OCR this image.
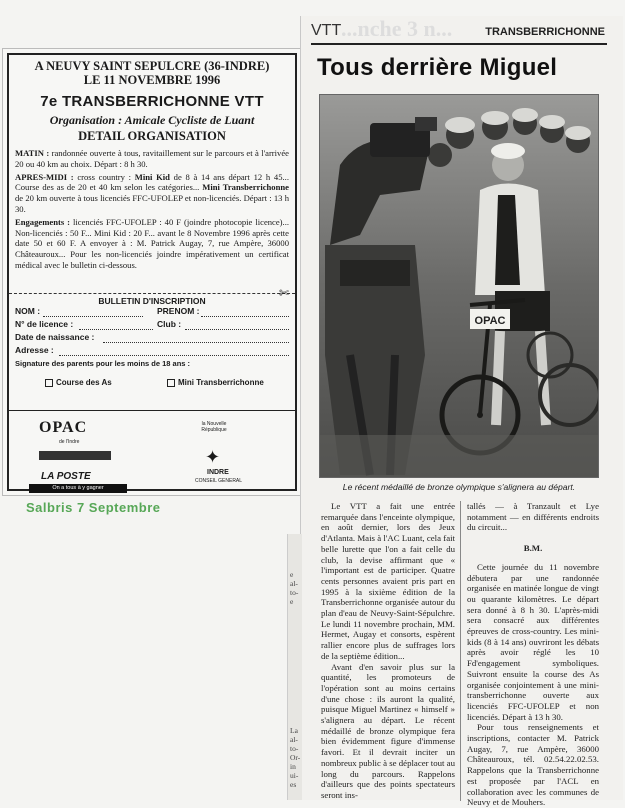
A NEUVY SAINT SEPULCRE (36-INDRE)
LE 11 NOVEMBRE 1996
7e TRANSBERRICHONNE VTT
Organisation : Amicale Cycliste de Luant
DETAIL ORGANISATION

MATIN : randonnée ouverte à tous, ravitaillement sur le parcours et à l'arrivée 20 ou 40 km au choix. Départ : 8 h 30.

APRES-MIDI : cross country : Mini Kid de 8 à 14 ans départ 12 h 45... Course des as de 20 et 40 km selon les catégories... Mini Transberrichonne de 20 km ouverte à tous licenciés FFC-UFOLEP et non-licenciés. Départ : 13 h 30.

Engagements : licenciés FFC-UFOLEP : 40 F (joindre photocopie licence)... Non-licenciés : 50 F... Mini Kid : 20 F... avant le 8 Novembre 1996 après cette date 50 et 60 F. A envoyer à : M. Patrick Augay, 7, rue Ampère, 36000 Châteauroux... Pour les non-licenciés joindre impérativement un certificat médical avec le bulletin ci-dessous.

✄
BULLETIN D'INSCRIPTION
NOM :	PRENOM :
N° de licence :	Club :
Date de naissance :
Adresse :
Signature des parents pour les moins de 18 ans :
Course des As	Mini Transberrichonne
OPAC
de l'Indre
LA POSTE
On a tous à y gagner
la Nouvelle République
✦
INDRE
CONSEIL GENERAL
Salbris 7 Septembre
...nche 3 n...
VTT	TRANSBERRICHONNE
Tous derrière Miguel
OPAC
Le récent médaillé de bronze olympique s'alignera au départ.

Le VTT a fait une entrée remarquée dans l'enceinte olympique, en août dernier, lors des Jeux d'Atlanta. Mais à l'AC Luant, cela fait belle lurette que l'on a fait celle du club, la devise affirmant que « l'important est de participer. Quatre cents personnes avaient pris part en 1995 à la sixième édition de la Transberrichonne organisée autour du plan d'eau de Neuvy-Saint-Sépulchre. Le lundi 11 novembre prochain, MM. Hermet, Augay et consorts, espèrent rallier encore plus de suffrages lors de la septième édition...

Avant d'en savoir plus sur la quantité, les promoteurs de l'opération sont au moins certains d'une chose : ils auront la qualité, puisque Miguel Martinez « himself » s'alignera au départ. Le récent médaillé de bronze olympique fera bien évidemment figure d'immense favori. Et il devrait inciter un nombreux public à se déplacer tout au long du parcours. Rappelons d'ailleurs que des points spectateurs seront ins-

tallés — à Tranzault et Lye notamment — en différents endroits du circuit...

B.M.

Cette journée du 11 novembre débutera par une randonnée organisée en matinée longue de vingt ou quarante kilomètres. Le départ sera donné à 8 h 30. L'après-midi sera consacré aux différentes épreuves de cross-country. Les mini-kids (8 à 14 ans) ouvriront les débats après avoir réglé les 10 Fd'engagement symboliques. Suivront ensuite la course des As organisée conjointement à une mini-transberrichonne ouverte aux licenciés FFC-UFOLEP et non licenciés. Départ à 13 h 30.

Pour tous renseignements et inscriptions, contacter M. Patrick Augay, 7, rue Ampère, 36000 Châteauroux, tél. 02.54.22.02.53. Rappelons que la Transberrichonne est proposée par l'ACL en collaboration avec les communes de Neuvy et de Mouhers.

e
al-
to-
e
La
al-
to-
Or-
in
ui-
es
